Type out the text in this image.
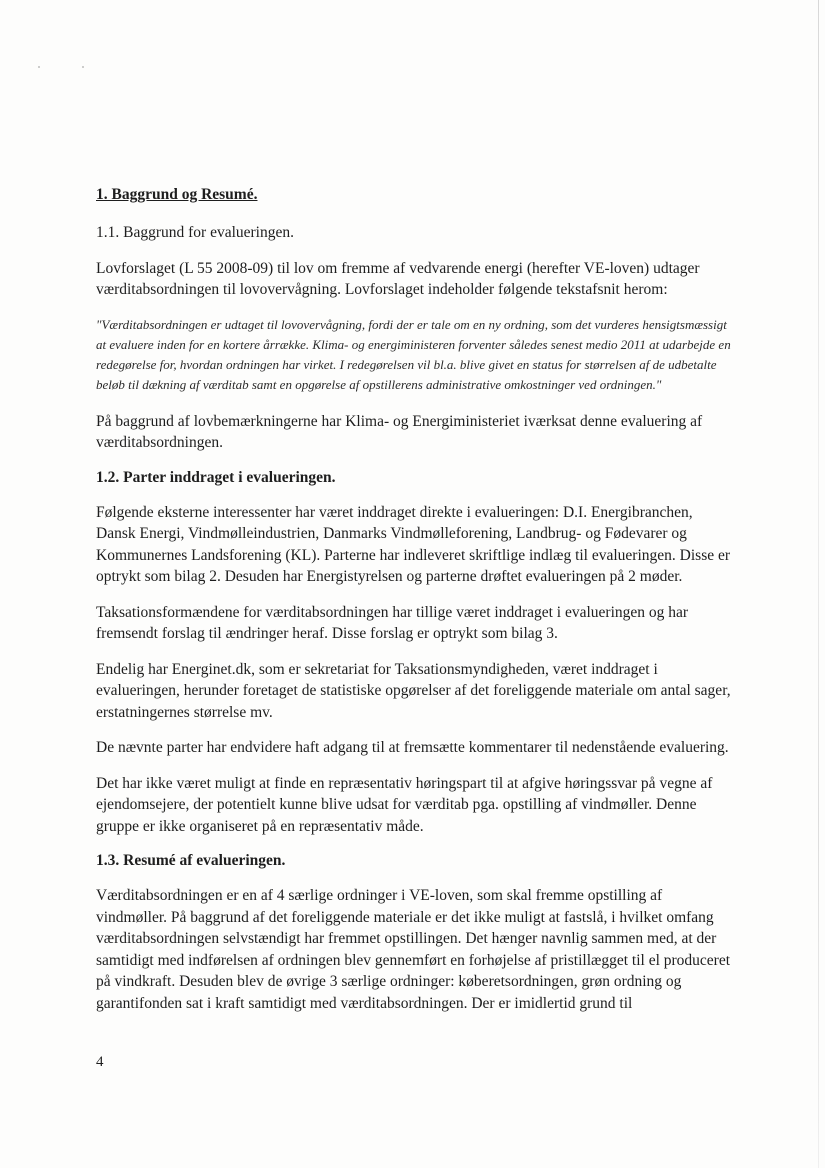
1. Baggrund og Resumé.

1.1. Baggrund for evalueringen.

Lovforslaget (L 55 2008-09) til lov om fremme af vedvarende energi (herefter VE-loven) udtager værditabsordningen til lovovervågning. Lovforslaget indeholder følgende tekstafsnit herom:

"Værditabsordningen er udtaget til lovovervågning, fordi der er tale om en ny ordning, som det vurderes hensigtsmæssigt at evaluere inden for en kortere årrække. Klima- og energiministeren forventer således senest medio 2011 at udarbejde en redegørelse for, hvordan ordningen har virket. I redegørelsen vil bl.a. blive givet en status for størrelsen af de udbetalte beløb til dækning af værditab samt en opgørelse af opstillerens administrative omkostninger ved ordningen."

På baggrund af lovbemærkningerne har Klima- og Energiministeriet iværksat denne evaluering af værditabsordningen.

1.2. Parter inddraget i evalueringen.

Følgende eksterne interessenter har været inddraget direkte i evalueringen: D.I. Energibranchen, Dansk Energi, Vindmølleindustrien, Danmarks Vindmølleforening, Landbrug- og Fødevarer og Kommunernes Landsforening (KL). Parterne har indleveret skriftlige indlæg til evalueringen. Disse er optrykt som bilag 2. Desuden har Energistyrelsen og parterne drøftet evalueringen på 2 møder.

Taksationsformændene for værditabsordningen har tillige været inddraget i evalueringen og har fremsendt forslag til ændringer heraf. Disse forslag er optrykt som bilag 3.

Endelig har Energinet.dk, som er sekretariat for Taksationsmyndigheden, været inddraget i evalueringen, herunder foretaget de statistiske opgørelser af det foreliggende materiale om antal sager, erstatningernes størrelse mv.

De nævnte parter har endvidere haft adgang til at fremsætte kommentarer til nedenstående evaluering.

Det har ikke været muligt at finde en repræsentativ høringspart til at afgive høringssvar på vegne af ejendomsejere, der potentielt kunne blive udsat for værditab pga. opstilling af vindmøller. Denne gruppe er ikke organiseret på en repræsentativ måde.

1.3. Resumé af evalueringen.

Værditabsordningen er en af 4 særlige ordninger i VE-loven, som skal fremme opstilling af vindmøller. På baggrund af det foreliggende materiale er det ikke muligt at fastslå, i hvilket omfang værditabsordningen selvstændigt har fremmet opstillingen. Det hænger navnlig sammen med, at der samtidigt med indførelsen af ordningen blev gennemført en forhøjelse af pristillægget til el produceret på vindkraft. Desuden blev de øvrige 3 særlige ordninger: køberetsordningen, grøn ordning og garantifonden sat i kraft samtidigt med værditabsordningen. Der er imidlertid grund til

4
